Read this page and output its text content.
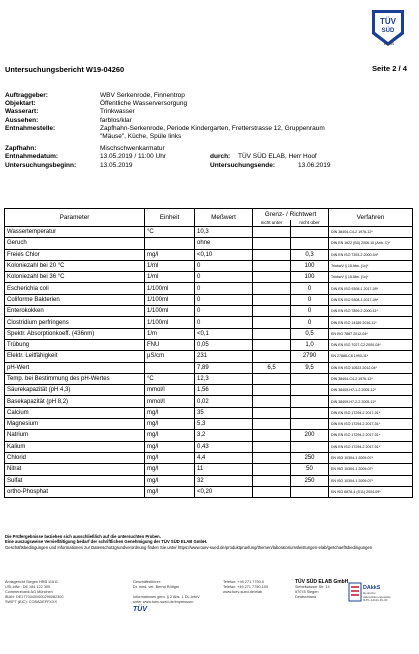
TÜV
SÜD
ELAB
Untersuchungsbericht W19-04260	Seite 2 / 4
Auftraggeber:	WBV Serkenrode, Finnentrop
Objektart:	Öffentliche Wasserversorgung
Wasserart:	Trinkwasser
Aussehen:	farblos/klar
Entnahmestelle:	Zapfhahn-Serkenrode, Periode Kindergarten, Fretterstrasse 12, Gruppenraum
"Mäuse", Küche, Spüle links
Zapfhahn:	Mischschwenkarmatur
Entnahmedatum:	13.05.2019 / 11:00 Uhr	durch:	TÜV SÜD ELAB, Herr Hoof
Untersuchungsbeginn:	13.05.2019	Untersuchungsende:	13.06.2019
Parameter	Einheit	Meßwert	Grenz- / Richtwert		Verfahren
			nicht unter	nicht über	
Wassertemperatur	°C	10,3			DIN 38404-C4-2 1976-12*
Geruch		ohne			DIN EN 1622 (B3) 2006-10 (Anh. C)*
Freies Chlor	mg/l	<0,10		0,3	DIN EN ISO 7393-2 2000-04*
Koloniezahl bei 20 °C	1/ml	0		100	TrinkwV § 15 Abs. (1c)*
Koloniezahl bei 36 °C	1/ml	0		100	TrinkwV § 15 Abs. (1c)*
Escherichia coli	1/100ml	0		0	DIN EN ISO 9308-1 2017-09*
Coliforme Bakterien	1/100ml	0		0	DIN EN ISO 9308-1 2017-09*
Enterokokken	1/100ml	0		0	DIN EN ISO 7899-2 2000-11*
Clostridium perfringens	1/100ml	0		0	DIN EN ISO 14189 2016-11*
Spektr. Absorptionkoeff. (436nm)	1/m	<0,1		0,5	EN ISO 7887 2012-04*
Trübung	FNU	0,05		1,0	DIN EN ISO 7027-C2 2000-04*
Elektr. Leitfähigkeit	µS/cm	231		2790	EN 27888-C8 1993-11*
pH-Wert		7,89	6,5	9,5	DIN EN ISO 10523 2012-04*
Temp. bei Bestimmung des pH-Wertes	°C	12,3			DIN 38404-C4-2 1976-12*
Säurekapazität (pH 4,3)	mmol/l	1,56			DIN 38409-H7-1-2 2005-12*
Basekapazität (pH 8,2)	mmol/l	0,02			DIN 38409-H7-2-2 2005-12*
Calcium	mg/l	35			DIN EN ISO 17294-2 2017-01*
Magnesium	mg/l	5,3			DIN EN ISO 17294-2 2017-01*
Natrium	mg/l	3,2		200	DIN EN ISO 17294-2 2017-01*
Kalium	mg/l	0,43			DIN EN ISO 17294-2 2017-01*
Chlorid	mg/l	4,4		250	EN ISO 10304-1 2009-07*
Nitrat	mg/l	11		50	EN ISO 10304-1 2009-07*
Sulfat	mg/l	32		250	EN ISO 10304-1 2009-07*
ortho-Phosphat	mg/l	<0,20			EN ISO 6878-4 (D11) 2004-09*
Die Prüfergebnisse beziehen sich ausschließlich auf die untersuchten Proben.
Eine auszugsweise Vervielfältigung bedarf der schriftlichen Genehmigung der TÜV SÜD ELAB GmbH.
Geschäftsbedingungen und Informationen zur Datenschutzgrundverordnung finden Sie unter https://www.tuev-sued.de/produktpruefung/themen/laboratoriumsleistungen-elab/geschaeftsbedingungen
Amtsgericht Siegen HRB 11611
USt-IdNr.: DE 184 122 309
Commerzbank AG München
IBAN: DE17700400000290082300
SWIFT (BIC): COBADEFFXXX
Geschäftsführer:
Dr. med. vet. Bernd Röttger

Informationen gem. § 2 Abs. 1 DL-InfoV
unter www.tuev-sued.de/impressum
TÜV
Telefon: +49 271 7750-0
Telefax: +49 271 7750-100
www.tuev-sued.de/elab
TÜV SÜD ELAB GmbH
Siebelwasser Str. 14
57078 Siegen
Deutschland
DAkkS
Deutsche
Akkreditierungsstelle
D-PL-14111-01-00
